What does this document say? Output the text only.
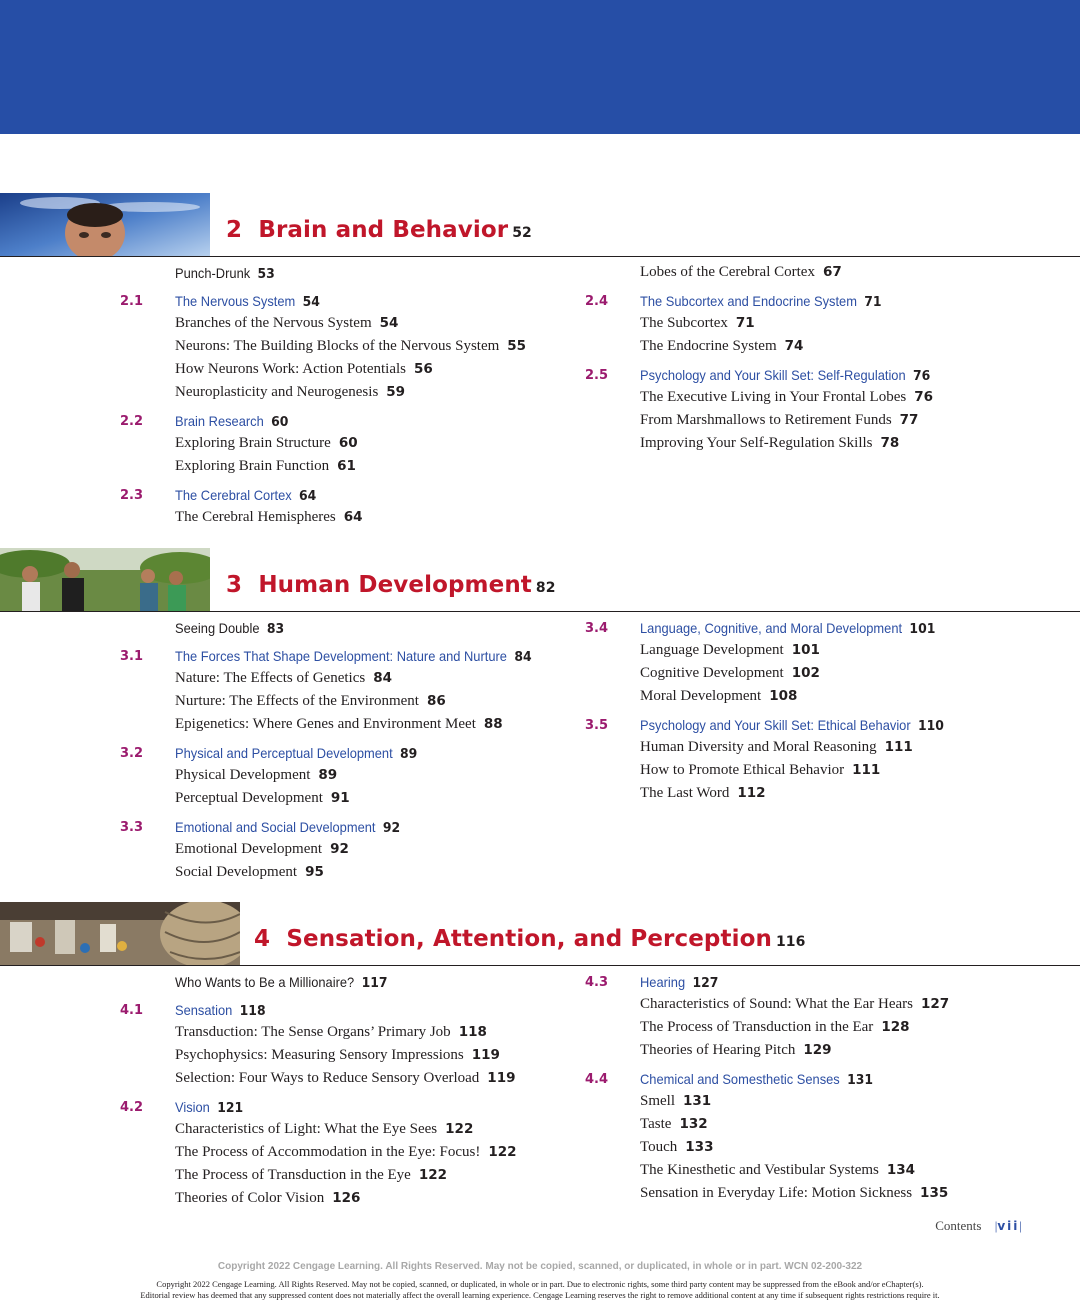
2 Brain and Behavior 52
Punch-Drunk 53
2.1 The Nervous System 54
Branches of the Nervous System 54
Neurons: The Building Blocks of the Nervous System 55
How Neurons Work: Action Potentials 56
Neuroplasticity and Neurogenesis 59
2.2 Brain Research 60
Exploring Brain Structure 60
Exploring Brain Function 61
2.3 The Cerebral Cortex 64
The Cerebral Hemispheres 64
Lobes of the Cerebral Cortex 67
2.4 The Subcortex and Endocrine System 71
The Subcortex 71
The Endocrine System 74
2.5 Psychology and Your Skill Set: Self-Regulation 76
The Executive Living in Your Frontal Lobes 76
From Marshmallows to Retirement Funds 77
Improving Your Self-Regulation Skills 78
3 Human Development 82
Seeing Double 83
3.1 The Forces That Shape Development: Nature and Nurture 84
Nature: The Effects of Genetics 84
Nurture: The Effects of the Environment 86
Epigenetics: Where Genes and Environment Meet 88
3.2 Physical and Perceptual Development 89
Physical Development 89
Perceptual Development 91
3.3 Emotional and Social Development 92
Emotional Development 92
Social Development 95
3.4 Language, Cognitive, and Moral Development 101
Language Development 101
Cognitive Development 102
Moral Development 108
3.5 Psychology and Your Skill Set: Ethical Behavior 110
Human Diversity and Moral Reasoning 111
How to Promote Ethical Behavior 111
The Last Word 112
4 Sensation, Attention, and Perception 116
Who Wants to Be a Millionaire? 117
4.1 Sensation 118
Transduction: The Sense Organs’ Primary Job 118
Psychophysics: Measuring Sensory Impressions 119
Selection: Four Ways to Reduce Sensory Overload 119
4.2 Vision 121
Characteristics of Light: What the Eye Sees 122
The Process of Accommodation in the Eye: Focus! 122
The Process of Transduction in the Eye 122
Theories of Color Vision 126
4.3 Hearing 127
Characteristics of Sound: What the Ear Hears 127
The Process of Transduction in the Ear 128
Theories of Hearing Pitch 129
4.4 Chemical and Somesthetic Senses 131
Smell 131
Taste 132
Touch 133
The Kinesthetic and Vestibular Systems 134
Sensation in Everyday Life: Motion Sickness 135
Contents |vii|
Copyright 2022 Cengage Learning. All Rights Reserved. May not be copied, scanned, or duplicated, in whole or in part. WCN 02-200-322
Copyright 2022 Cengage Learning. All Rights Reserved. May not be copied, scanned, or duplicated, in whole or in part. Due to electronic rights, some third party content may be suppressed from the eBook and/or eChapter(s).
Editorial review has deemed that any suppressed content does not materially affect the overall learning experience. Cengage Learning reserves the right to remove additional content at any time if subsequent rights restrictions require it.
